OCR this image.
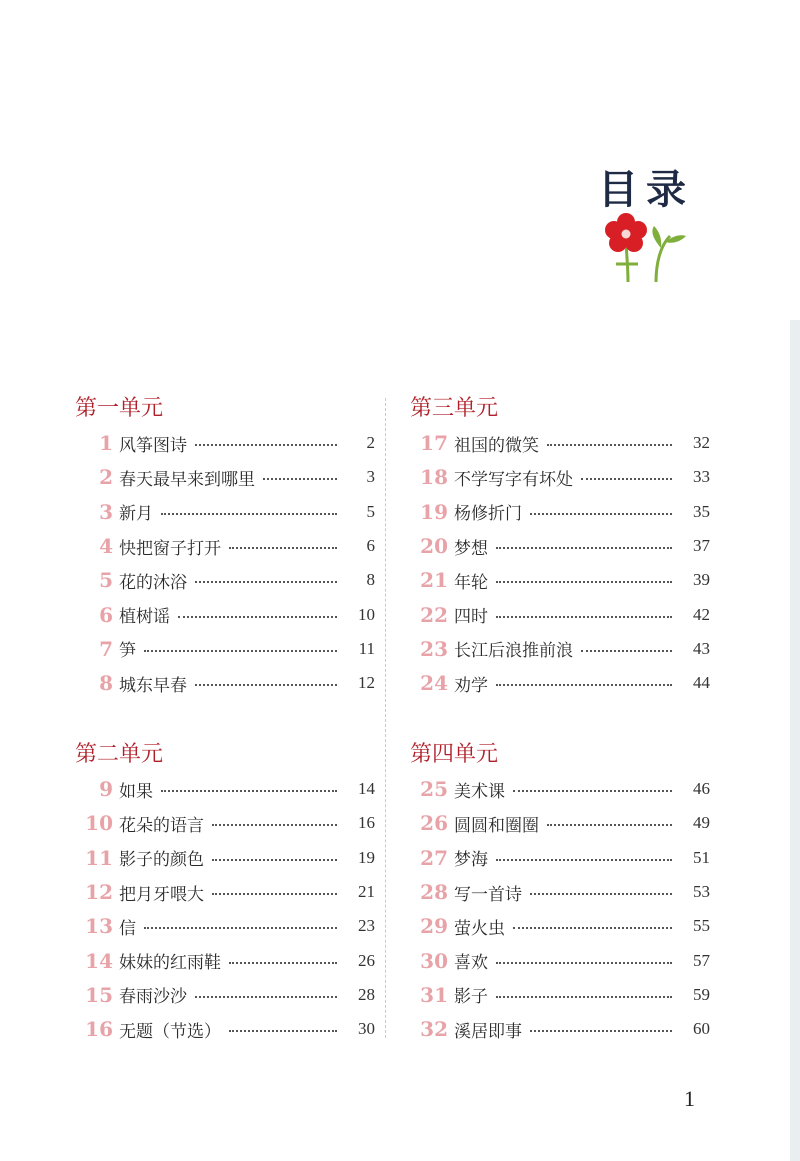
目录
第一单元
1 风筝图诗	2
2 春天最早来到哪里	3
3 新月	5
4 快把窗子打开	6
5 花的沐浴	8
6 植树谣	10
7 笋	11
8 城东早春	12
第二单元
9 如果	14
10 花朵的语言	16
11 影子的颜色	19
12 把月牙喂大	21
13 信	23
14 妹妹的红雨鞋	26
15 春雨沙沙	28
16 无题（节选）	30
第三单元
17 祖国的微笑	32
18 不学写字有坏处	33
19 杨修折门	35
20 梦想	37
21 年轮	39
22 四时	42
23 长江后浪推前浪	43
24 劝学	44
第四单元
25 美术课	46
26 圆圆和圈圈	49
27 梦海	51
28 写一首诗	53
29 萤火虫	55
30 喜欢	57
31 影子	59
32 溪居即事	60
1
